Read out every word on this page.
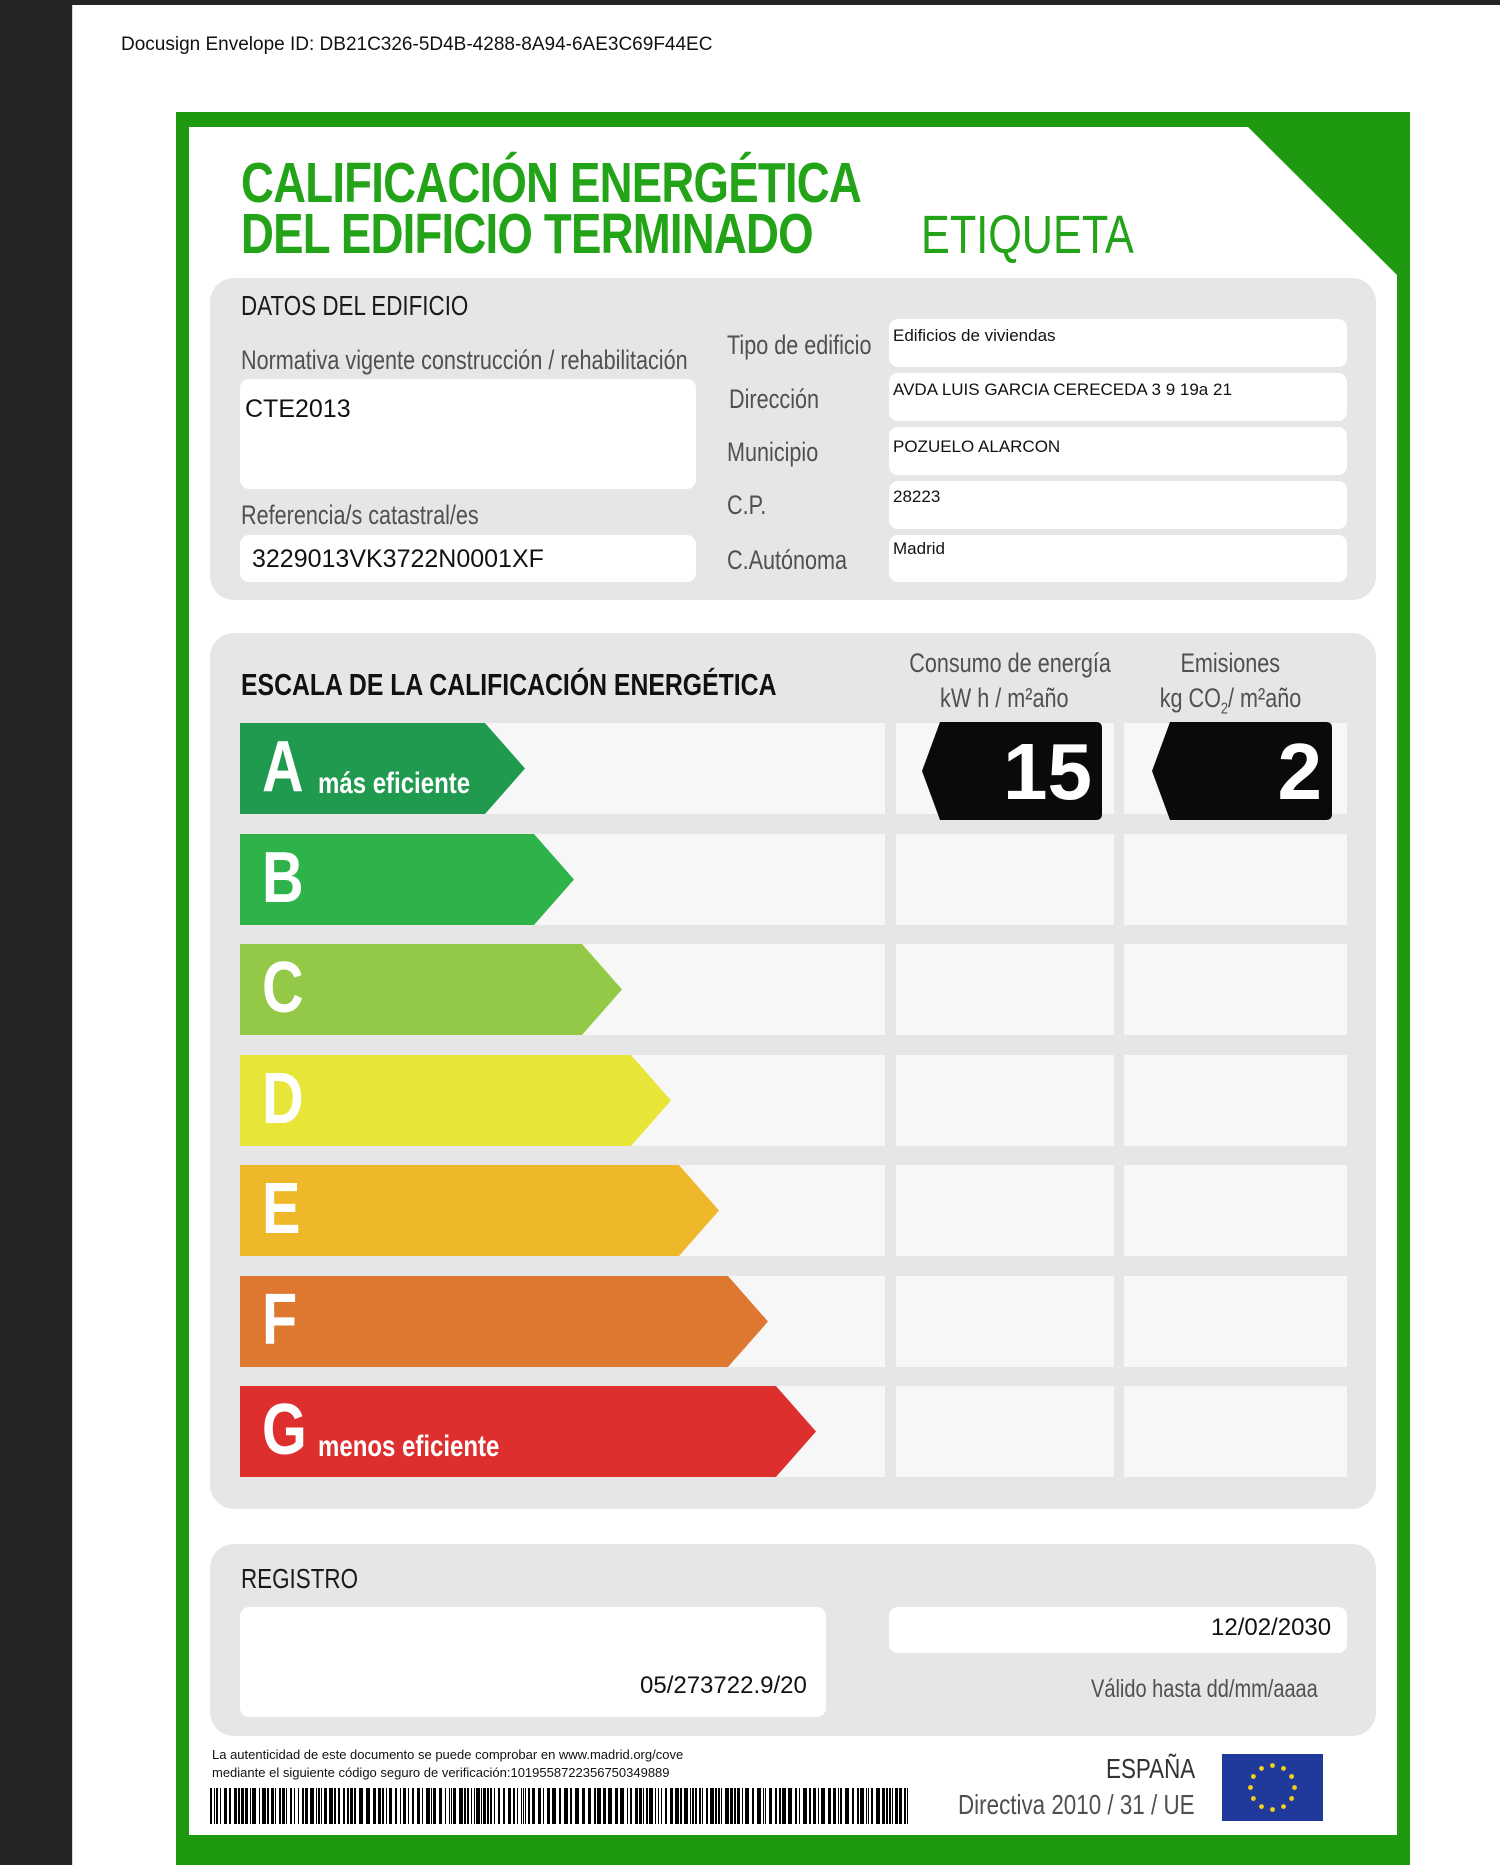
Docusign Envelope ID: DB21C326-5D4B-4288-8A94-6AE3C69F44EC
CALIFICACIÓN ENERGÉTICA
DEL EDIFICIO TERMINADO	ETIQUETA
DATOS DEL EDIFICIO
Normativa vigente construcción / rehabilitación
CTE2013
Referencia/s catastral/es
3229013VK3722N0001XF
Tipo de edificio	Edificios de viviendas
Dirección	AVDA LUIS GARCIA CERECEDA 3 9 19a 21
Municipio	POZUELO ALARCON
C.P.	28223
C.Autónoma	Madrid
ESCALA DE LA CALIFICACIÓN ENERGÉTICA
Consumo de energía
kW h / m²año
Emisiones
kg $CO_2/$ m²año
REGISTRO
05/273722.9/20
12/02/2030
Válido hasta dd/mm/aaaa
La autenticidad de este documento se puede comprobar en www.madrid.org/cove
mediante el siguiente código seguro de verificación:1019558722356750349889	ESPAÑA
Directiva 2010 / 31 / UE
A más eficiente
B
C
D
E
F
G menos eficiente
15 2
